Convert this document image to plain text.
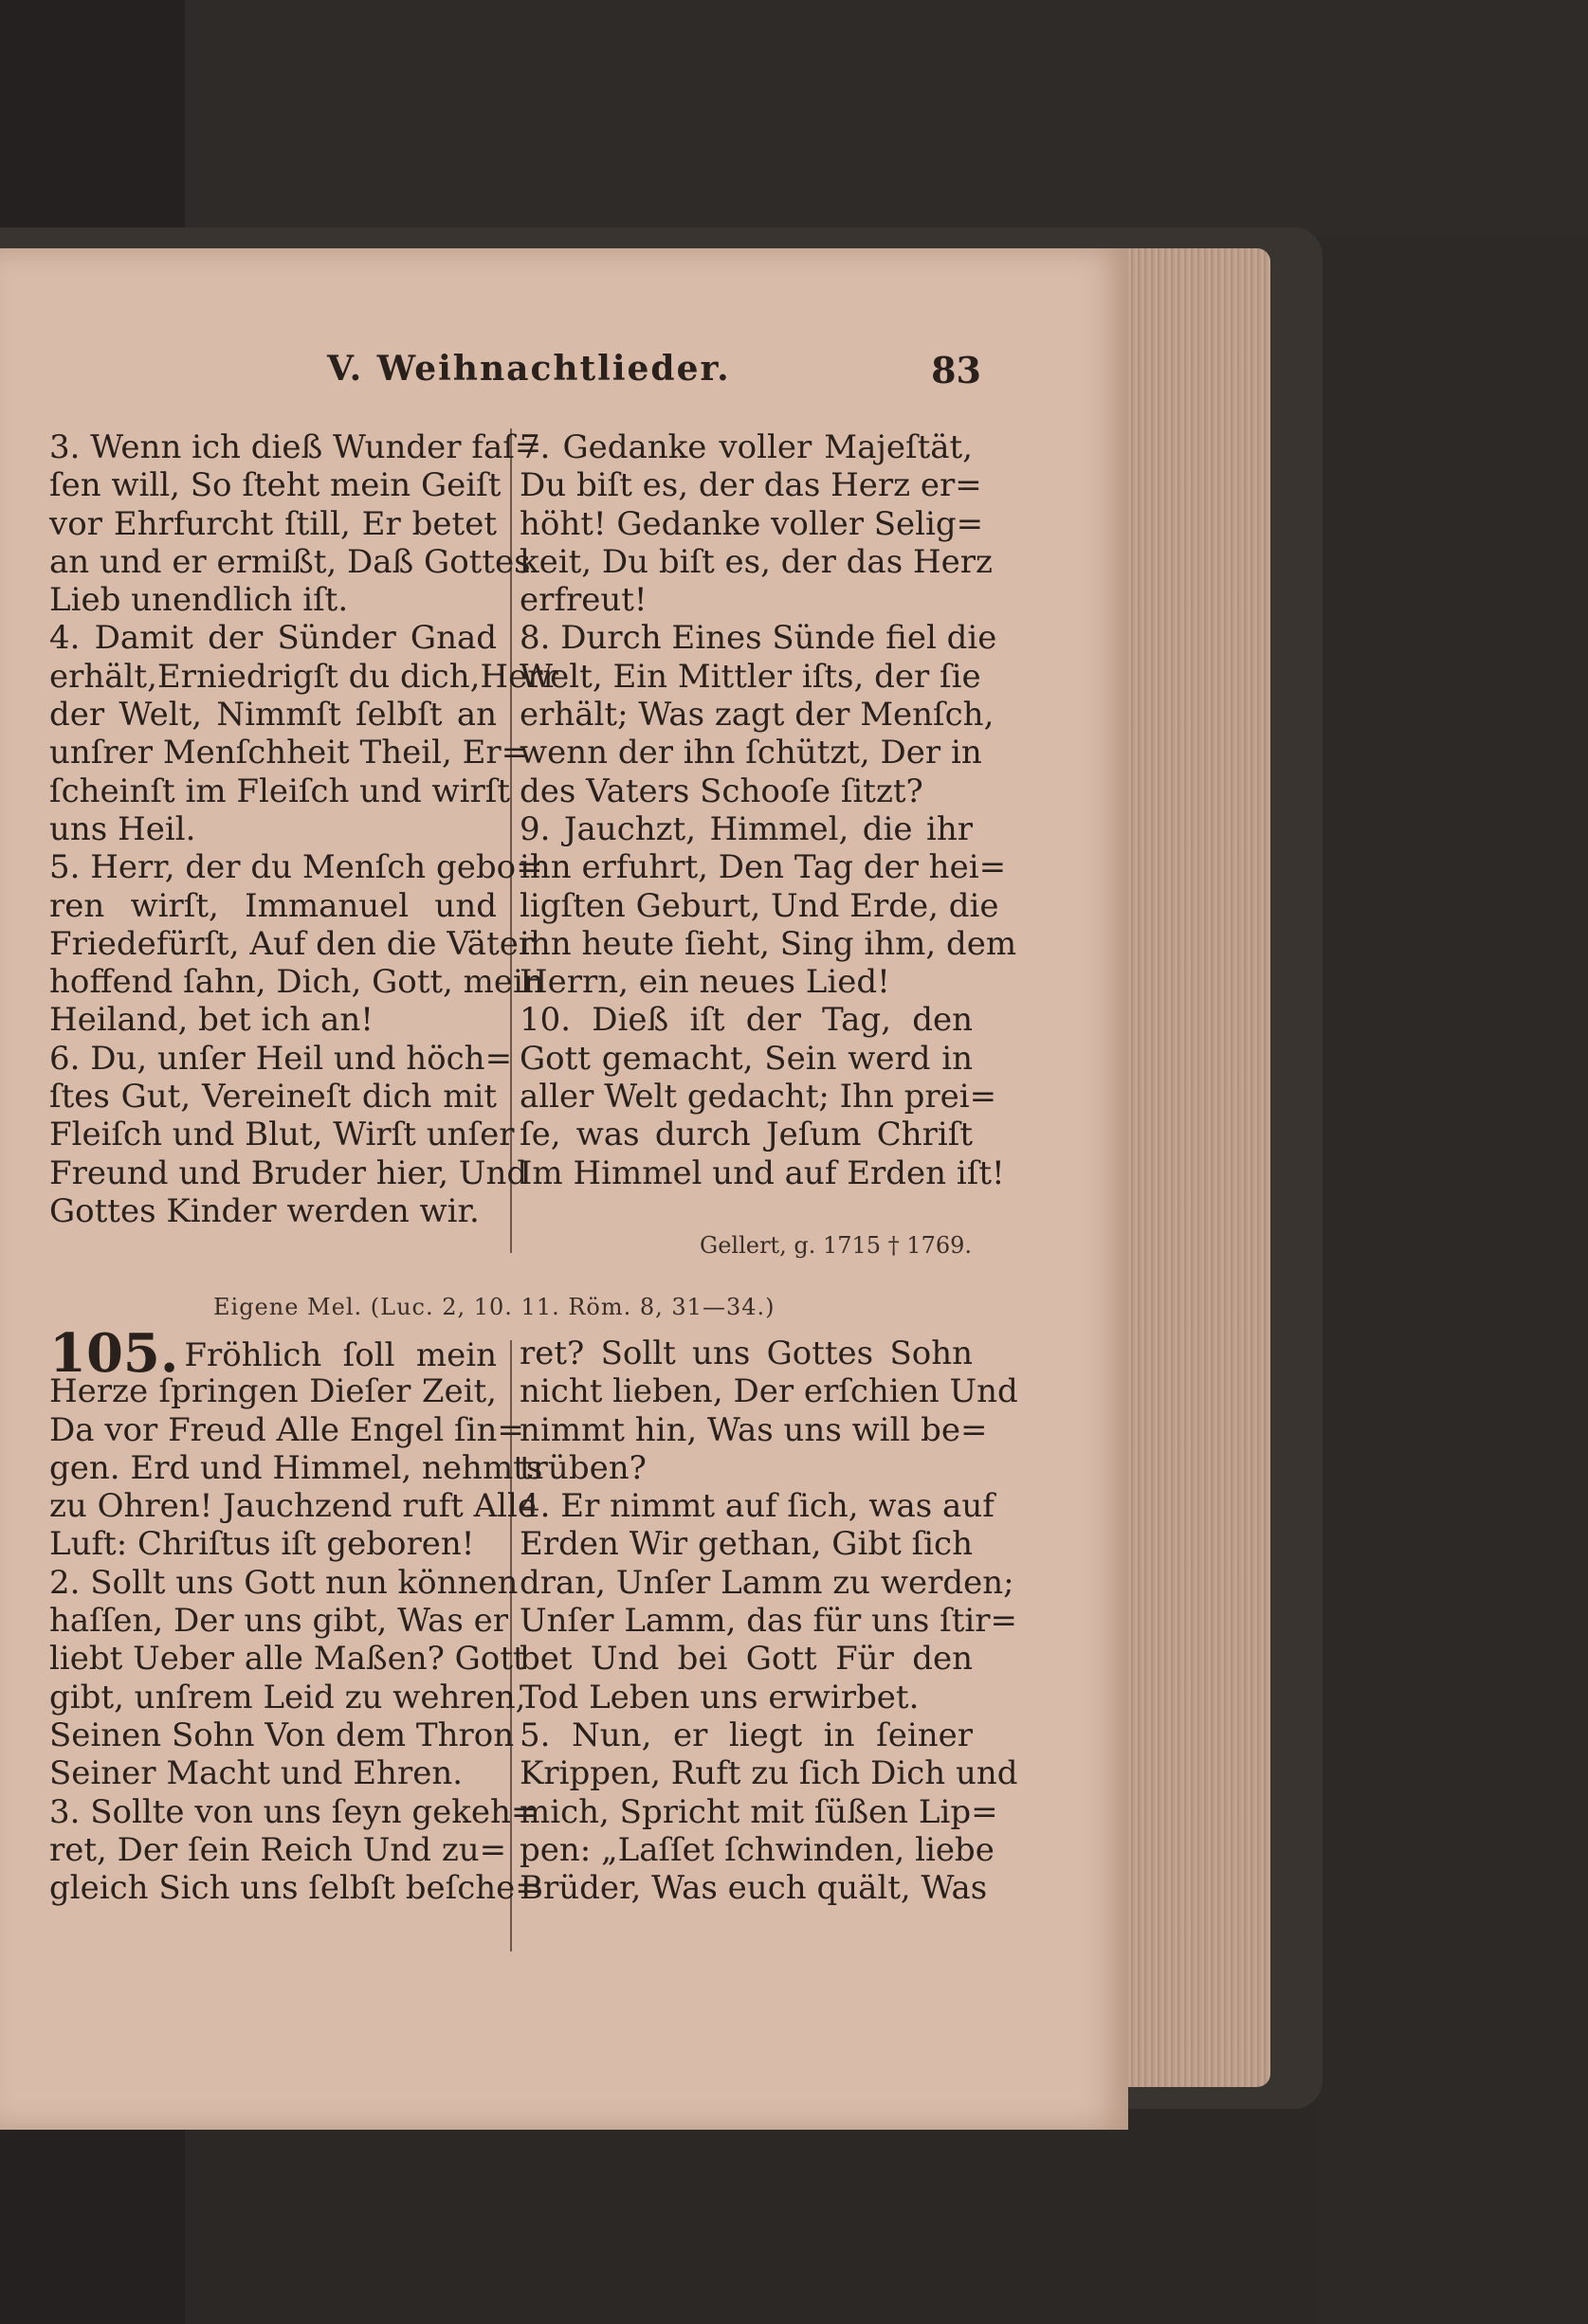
V. Weihnachtlieder.	83
3. Wenn ich dieß Wunder faſ=
ſen will, So ſteht mein Geiſt
vor Ehrfurcht ſtill, Er betet
an und er ermißt, Daß Gottes
Lieb unendlich iſt.
4. Damit der Sünder Gnad
erhält,Erniedrigſt du dich,Herr
der Welt, Nimmſt ſelbſt an
unſrer Menſchheit Theil, Er=
ſcheinſt im Fleiſch und wirſt
uns Heil.
5. Herr, der du Menſch gebo=
ren wirſt, Immanuel und
Friedefürſt, Auf den die Väter
hoffend ſahn, Dich, Gott, mein
Heiland, bet ich an!
6. Du, unſer Heil und höch=
ſtes Gut, Vereineſt dich mit
Fleiſch und Blut, Wirſt unſer
Freund und Bruder hier, Und
Gottes Kinder werden wir.
7. Gedanke voller Majeſtät,
Du biſt es, der das Herz er=
höht! Gedanke voller Selig=
keit, Du biſt es, der das Herz
erfreut!
8. Durch Eines Sünde fiel die
Welt, Ein Mittler iſts, der ſie
erhält; Was zagt der Menſch,
wenn der ihn ſchützt, Der in
des Vaters Schooſe ſitzt?
9. Jauchzt, Himmel, die ihr
ihn erfuhrt, Den Tag der hei=
ligſten Geburt, Und Erde, die
ihn heute ſieht, Sing ihm, dem
Herrn, ein neues Lied!
10. Dieß iſt der Tag, den
Gott gemacht, Sein werd in
aller Welt gedacht; Ihn prei=
ſe, was durch Jeſum Chriſt
Im Himmel und auf Erden iſt!
Gellert, g. 1715 † 1769.
Eigene Mel. (Luc. 2, 10. 11. Röm. 8, 31—34.)
105. Fröhlich ſoll mein
Herze ſpringen Dieſer Zeit,
Da vor Freud Alle Engel ſin=
gen. Erd und Himmel, nehmts
zu Ohren! Jauchzend ruft Alle
Luft: Chriſtus iſt geboren!
2. Sollt uns Gott nun können
haſſen, Der uns gibt, Was er
liebt Ueber alle Maßen? Gott
gibt, unſrem Leid zu wehren,
Seinen Sohn Von dem Thron
Seiner Macht und Ehren.
3. Sollte von uns ſeyn gekeh=
ret, Der ſein Reich Und zu=
gleich Sich uns ſelbſt beſche=
ret? Sollt uns Gottes Sohn
nicht lieben, Der erſchien Und
nimmt hin, Was uns will be=
trüben?
4. Er nimmt auf ſich, was auf
Erden Wir gethan, Gibt ſich
dran, Unſer Lamm zu werden;
Unſer Lamm, das für uns ſtir=
bet Und bei Gott Für den
Tod Leben uns erwirbet.
5. Nun, er liegt in ſeiner
Krippen, Ruft zu ſich Dich und
mich, Spricht mit ſüßen Lip=
pen: „Laſſet ſchwinden, liebe
Brüder, Was euch quält, Was
